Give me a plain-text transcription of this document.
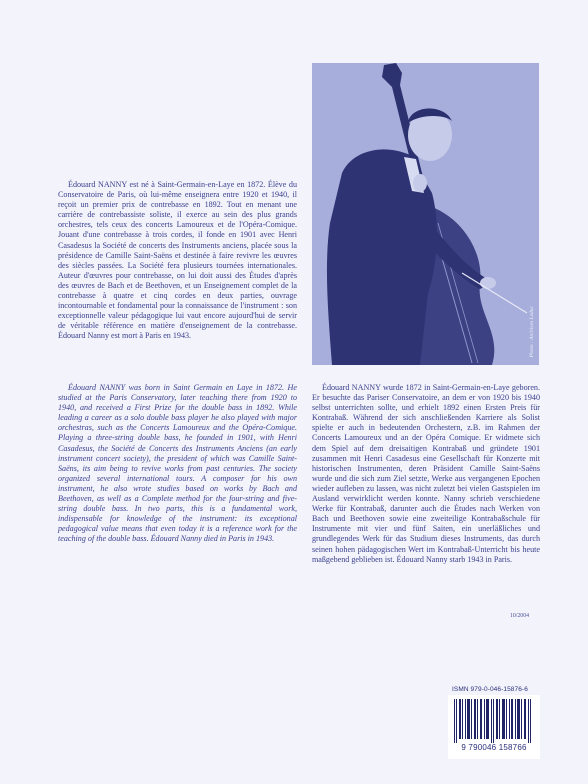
Photo : Archives Leduc
Édouard NANNY est né à Saint-Germain-en-Laye en 1872. Élève du Conservatoire de Paris, où lui-même enseignera entre 1920 et 1940, il reçoit un premier prix de contrebasse en 1892. Tout en menant une carrière de contrebassiste soliste, il exerce au sein des plus grands orchestres, tels ceux des concerts Lamoureux et de l'Opéra-Comique. Jouant d'une contrebasse à trois cordes, il fonde en 1901 avec Henri Casadesus la Société de concerts des Instruments anciens, placée sous la présidence de Camille Saint-Saëns et destinée à faire revivre les œuvres des siècles passées. La Société fera plusieurs tournées internationales. Auteur d'œuvres pour contrebasse, on lui doit aussi des Études d'après des œuvres de Bach et de Beethoven, et un Enseignement complet de la contrebasse à quatre et cinq cordes en deux parties, ouvrage incontournable et fondamental pour la connaissance de l'instrument : son exceptionnelle valeur pédagogique lui vaut encore aujourd'hui de servir de véritable référence en matière d'enseignement de la contrebasse. Édouard Nanny est mort à Paris en 1943.
Édouard NANNY was born in Saint Germain en Laye in 1872. He studied at the Paris Conservatory, later teaching there from 1920 to 1940, and received a First Prize for the double bass in 1892. While leading a career as a solo double bass player he also played with major orchestras, such as the Concerts Lamoureux and the Opéra-Comique. Playing a three-string double bass, he founded in 1901, with Henri Casadesus, the Société de Concerts des Instruments Anciens (an early instrument concert society), the president of which was Camille Saint-Saëns, its aim being to revive works from past centuries. The society organized several international tours. A composer for his own instrument, he also wrote studies based on works by Bach and Beethoven, as well as a Complete method for the four-string and five-string double bass. In two parts, this is a fundamental work, indispensable for knowledge of the instrument: its exceptional pedagogical value means that even today it is a reference work for the teaching of the double bass. Édouard Nanny died in Paris in 1943.
Édouard NANNY wurde 1872 in Saint-Germain-en-Laye geboren. Er besuchte das Pariser Conservatoire, an dem er von 1920 bis 1940 selbst unterrichten sollte, und erhielt 1892 einen Ersten Preis für Kontrabaß. Während der sich anschließenden Karriere als Solist spielte er auch in bedeutenden Orchestern, z.B. im Rahmen der Concerts Lamoureux und an der Opéra Comique. Er widmete sich dem Spiel auf dem dreisaitigen Kontrabaß und gründete 1901 zusammen mit Henri Casadesus eine Gesellschaft für Konzerte mit historischen Instrumenten, deren Präsident Camille Saint-Saëns wurde und die sich zum Ziel setzte, Werke aus vergangenen Epochen wieder aufleben zu lassen, was nicht zuletzt bei vielen Gastspielen im Ausland verwirklicht werden konnte. Nanny schrieb verschiedene Werke für Kontrabaß, darunter auch die Études nach Werken von Bach und Beethoven sowie eine zweiteilige Kontrabaßschule für Instrumente mit vier und fünf Saiten, ein unerläßliches und grundlegendes Werk für das Studium dieses Instruments, das durch seinen hohen pädagogischen Wert im Kontrabaß-Unterricht bis heute maßgebend geblieben ist. Édouard Nanny starb 1943 in Paris.
10/2004
ISMN 979-0-046-15876-6
9 790046 158766
